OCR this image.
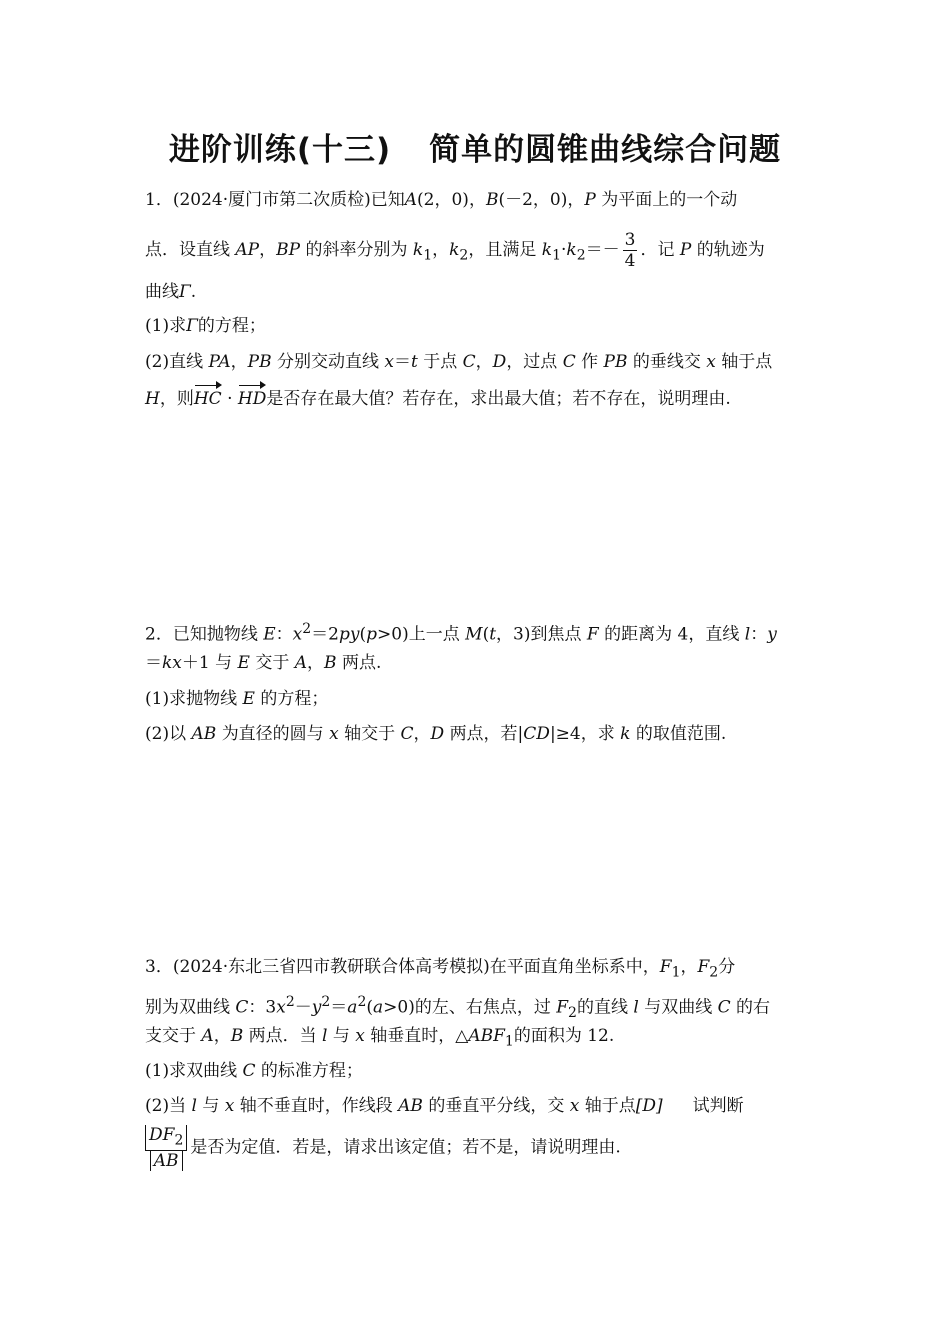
进阶训练(十三) 简单的圆锥曲线综合问题
1．(2024·厦门市第二次质检)已知A(2，0)，B(－2，0)，P 为平面上的一个动
点．设直线 AP，BP 的斜率分别为 $k_1$，$k_2$，且满足 $k_1\cdot k_2=- \frac{3}{4}$ ．记 P 的轨迹为
曲线Γ.
(1)求Γ的方程；
(2)直线 PA，PB 分别交动直线 x＝t 于点 C，D，过点 C 作 PB 的垂线交 x 轴于点
H，则HC · HD是否存在最大值？若存在，求出最大值；若不存在，说明理由.
2．已知抛物线 E：$x^2=2py(p>0)$上一点 M(t，3)到焦点 F 的距离为 4，直线 l：y
＝kx＋1 与 E 交于 A，B 两点.
(1)求抛物线 E 的方程；
(2)以 AB 为直径的圆与 x 轴交于 C，D 两点，若|CD|≥4，求 k 的取值范围.
3．(2024·东北三省四市教研联合体高考模拟)在平面直角坐标系中，$F_1$，$F_2$分
别为双曲线 C：$3x^2-y^2=a^2(a>0)$的左、右焦点，过 $F_2$的直线 l 与双曲线 C 的右
支交于 A，B 两点．当 l 与 x 轴垂直时，$\triangle ABF_1$的面积为 12.
(1)求双曲线 C 的标准方程；
(2)当 l 与 x 轴不垂直时，作线段 AB 的垂直平分线，交 x 轴于点[D] 试判断
$\frac{DF_2}{AB}$ 是否为定值．若是，请求出该定值；若不是，请说明理由.
